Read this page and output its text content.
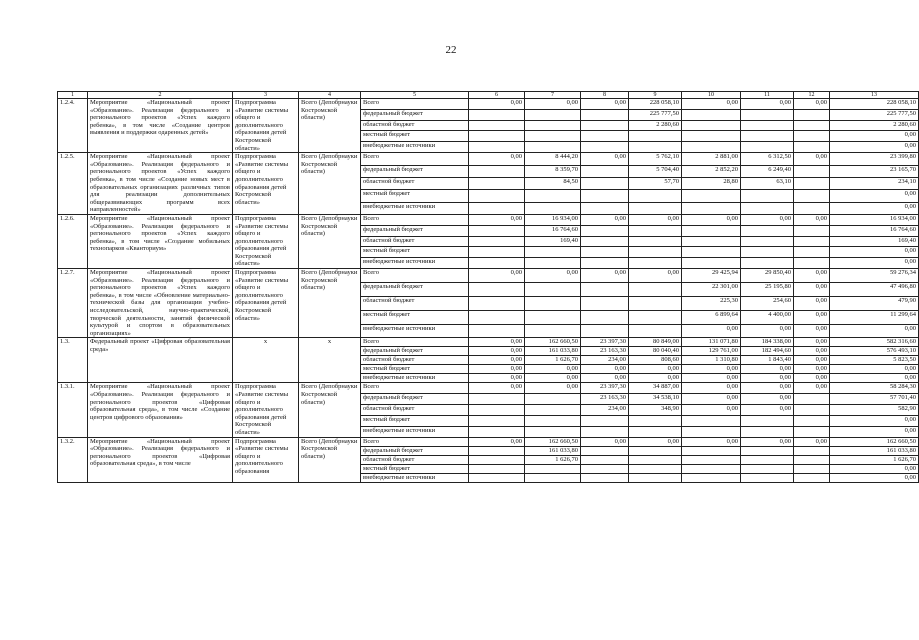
22
1	2	3	4	5	6	7	8	9	10	11	12	13
1.2.4.	Мероприятие «Национальный проект «Образование». Реализация федерального и регионального проектов «Успех каждого ребенка», в том числе «Создание центров выявления и поддержки одаренных детей»	Подпрограмма «Развитие системы общего и дополнительного образования детей Костромской области»	Всего (Депобрнауки Костромской области)	Всего	0,00	0,00	0,00	228 058,10	0,00	0,00	0,00	228 058,10
				федеральный бюджет				225 777,50				225 777,50
				областной бюджет				2 280,60				2 280,60
				местный бюджет								0,00
				внебюджетные источники								0,00
1.2.5.	Мероприятие «Национальный проект «Образование». Реализация федерального и регионального проектов «Успех каждого ребенка», в том числе «Создание новых мест в образовательных организациях различных типов для реализации дополнительных общеразвивающих программ всех направленностей»	Подпрограмма «Развитие системы общего и дополнительного образования детей Костромской области»	Всего (Депобрнауки Костромской области)	Всего	0,00	8 444,20	0,00	5 762,10	2 881,00	6 312,50	0,00	23 399,80
				федеральный бюджет		8 359,70		5 704,40	2 852,20	6 249,40		23 165,70
				областной бюджет		84,50		57,70	28,80	63,10		234,10
				местный бюджет								0,00
				внебюджетные источники								0,00
1.2.6.	Мероприятие «Национальный проект «Образование». Реализация федерального и регионального проектов «Успех каждого ребенка», в том числе «Создание мобильных технопарков «Кванториум»	Подпрограмма «Развитие системы общего и дополнительного образования детей Костромской области»	Всего (Депобрнауки Костромской области)	Всего	0,00	16 934,00	0,00	0,00	0,00	0,00	0,00	16 934,00
				федеральный бюджет		16 764,60						16 764,60
				областной бюджет		169,40						169,40
				местный бюджет								0,00
				внебюджетные источники								0,00
1.2.7.	Мероприятие «Национальный проект «Образование». Реализация федерального и регионального проектов «Успех каждого ребенка», в том числе «Обновление материально-технической базы для организации учебно-исследовательской, научно-практической, творческой деятельности, занятий физической культурой и спортом в образовательных организациях»	Подпрограмма «Развитие системы общего и дополнительного образования детей Костромской области»	Всего (Депобрнауки Костромской области)	Всего	0,00	0,00	0,00	0,00	29 425,94	29 850,40	0,00	59 276,34
				федеральный бюджет					22 301,00	25 195,80	0,00	47 496,80
				областной бюджет					225,30	254,60	0,00	479,90
				местный бюджет					6 899,64	4 400,00	0,00	11 299,64
				внебюджетные источники					0,00	0,00	0,00	0,00
1.3.	Федеральный проект «Цифровая образовательная среда»	х	х	Всего	0,00	162 660,50	23 397,30	80 849,00	131 071,80	184 338,00	0,00	582 316,60
				федеральный бюджет	0,00	161 033,80	23 163,30	80 040,40	129 761,00	182 494,60	0,00	576 493,10
				областной бюджет	0,00	1 626,70	234,00	808,60	1 310,80	1 843,40	0,00	5 823,50
				местный бюджет	0,00	0,00	0,00	0,00	0,00	0,00	0,00	0,00
				внебюджетные источники	0,00	0,00	0,00	0,00	0,00	0,00	0,00	0,00
1.3.1.	Мероприятие «Национальный проект «Образование». Реализация федерального и регионального проектов «Цифровая образовательная среда», в том числе «Создание центров цифрового образования»	Подпрограмма «Развитие системы общего и дополнительного образования детей Костромской области»	Всего (Депобрнауки Костромской области)	Всего	0,00	0,00	23 397,30	34 887,00	0,00	0,00	0,00	58 284,30
				федеральный бюджет			23 163,30	34 538,10	0,00	0,00		57 701,40
				областной бюджет			234,00	348,90	0,00	0,00		582,90
				местный бюджет								0,00
				внебюджетные источники								0,00
1.3.2.	Мероприятие «Национальный проект «Образование». Реализация федерального и регионального проектов «Цифровая образовательная среда», в том числе	Подпрограмма «Развитие системы общего и дополнительного образования	Всего (Депобрнауки Костромской области)	Всего	0,00	162 660,50	0,00	0,00	0,00	0,00	0,00	162 660,50
				федеральный бюджет		161 033,80						161 033,80
				областной бюджет		1 626,70						1 626,70
				местный бюджет								0,00
				внебюджетные источники								0,00
